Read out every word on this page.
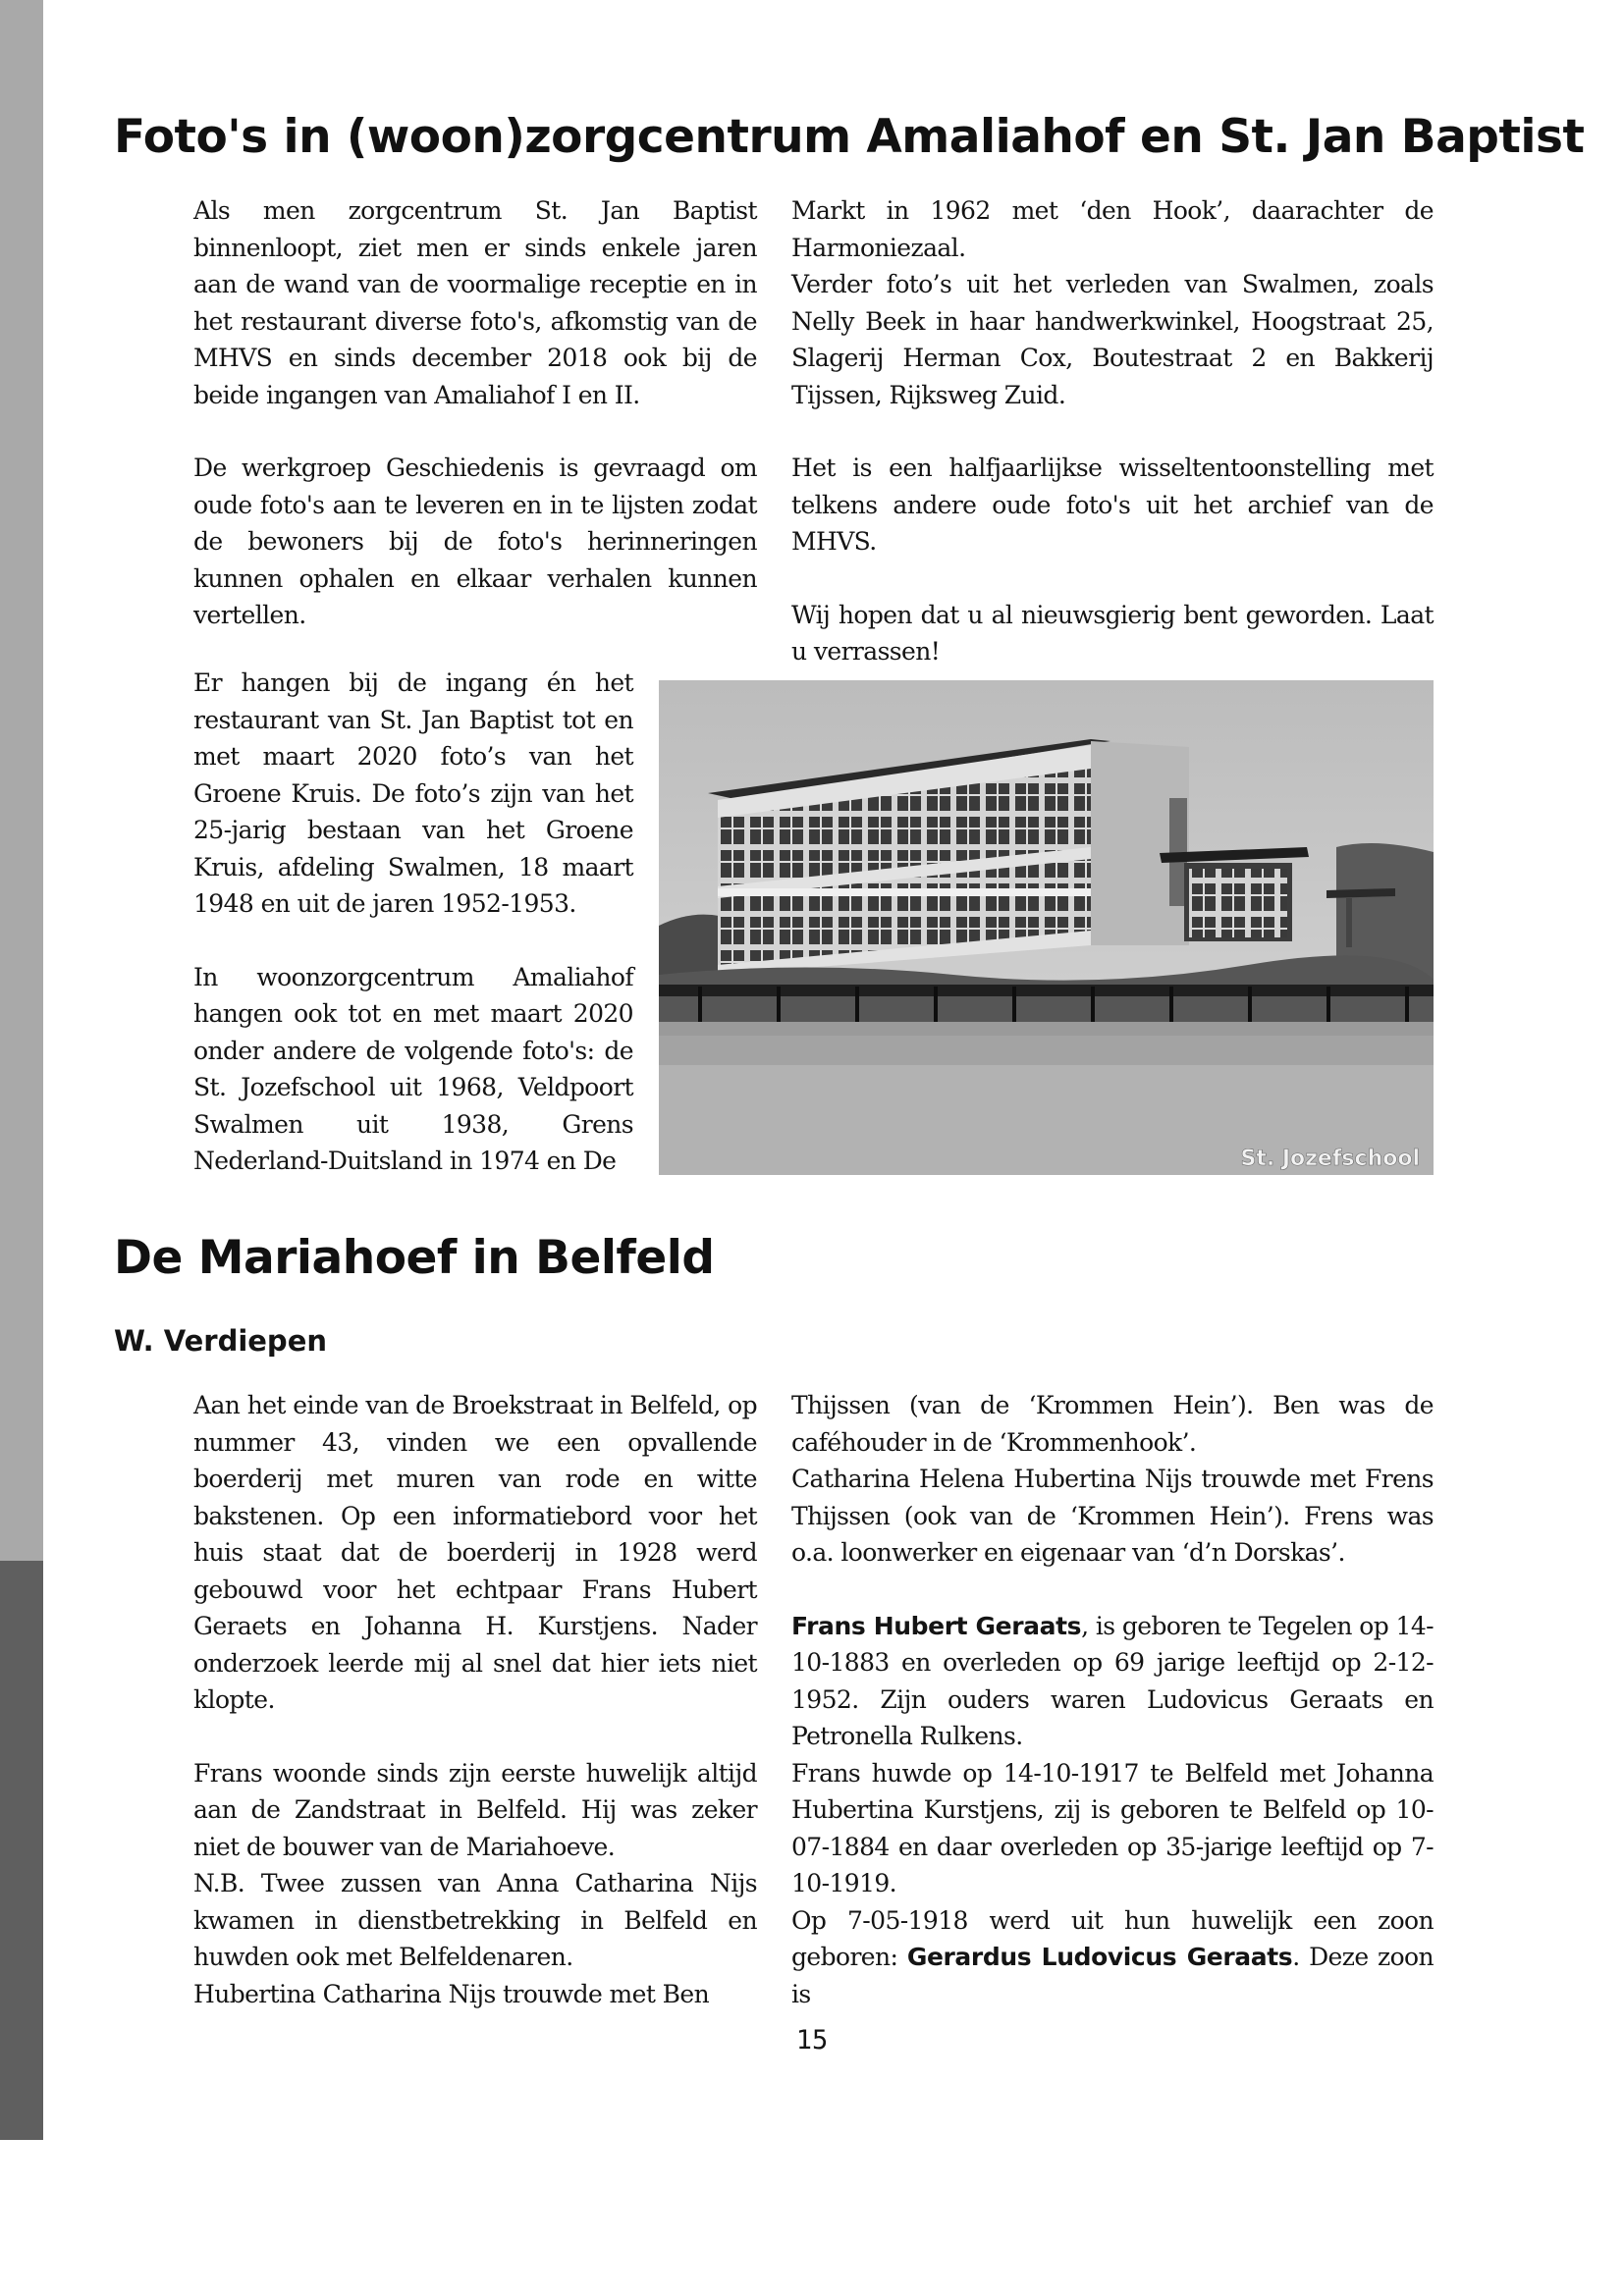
Foto's in (woon)zorgcentrum Amaliahof en St. Jan Baptist

Als men zorgcentrum St. Jan Baptist binnenloopt, ziet men er sinds enkele jaren aan de wand van de voormalige receptie en in het restaurant diverse foto's, afkomstig van de MHVS en sinds december 2018 ook bij de beide ingangen van Amaliahof I en II.

De werkgroep Geschiedenis is gevraagd om oude foto's aan te leveren en in te lijsten zodat de bewoners bij de foto's herinneringen kunnen ophalen en elkaar verhalen kunnen vertellen.

Markt in 1962 met ‘den Hook’, daarachter de Harmoniezaal.

Verder foto’s uit het verleden van Swalmen, zoals Nelly Beek in haar handwerkwinkel, Hoogstraat 25, Slagerij Herman Cox, Boutestraat 2 en Bakkerij Tijssen, Rijksweg Zuid.

Het is een halfjaarlijkse wisseltentoonstelling met telkens andere oude foto's uit het archief van de MHVS.

Wij hopen dat u al nieuwsgierig bent geworden. Laat u verrassen!

Er hangen bij de ingang én het restaurant van St. Jan Baptist tot en met maart 2020 foto’s van het Groene Kruis. De foto’s zijn van het 25-jarig bestaan van het Groene Kruis, afdeling Swalmen, 18 maart 1948 en uit de jaren 1952-1953.

In woonzorgcentrum Amaliahof hangen ook tot en met maart 2020 onder andere de volgende foto's: de St. Jozefschool uit 1968, Veldpoort Swalmen uit 1938, Grens Nederland-Duitsland in 1974 en De	St. Jozefschool
De Mariahoef in Belfeld
W. Verdiepen

Aan het einde van de Broekstraat in Belfeld, op nummer 43, vinden we een opvallende boerderij met muren van rode en witte bakstenen. Op een informatiebord voor het huis staat dat de boerderij in 1928 werd gebouwd voor het echtpaar Frans Hubert Geraets en Johanna H. Kurstjens. Nader onderzoek leerde mij al snel dat hier iets niet klopte.

Frans woonde sinds zijn eerste huwelijk altijd aan de Zandstraat in Belfeld. Hij was zeker niet de bouwer van de Mariahoeve.

N.B. Twee zussen van Anna Catharina Nijs kwamen in dienstbetrekking in Belfeld en huwden ook met Belfeldenaren.

Hubertina Catharina Nijs trouwde met Ben

Thijssen (van de ‘Krommen Hein’). Ben was de caféhouder in de ‘Krommenhook’.

Catharina Helena Hubertina Nijs trouwde met Frens Thijssen (ook van de ‘Krommen Hein’). Frens was o.a. loonwerker en eigenaar van ‘d’n Dorskas’.

Frans Hubert Geraats, is geboren te Tegelen op 14-10-1883 en overleden op 69 jarige leeftijd op 2-12-1952. Zijn ouders waren Ludovicus Geraats en Petronella Rulkens.

Frans huwde op 14-10-1917 te Belfeld met Johanna Hubertina Kurstjens, zij is geboren te Belfeld op 10-07-1884 en daar overleden op 35-jarige leeftijd op 7-10-1919.

Op 7-05-1918 werd uit hun huwelijk een zoon geboren: Gerardus Ludovicus Geraats. Deze zoon is

15
